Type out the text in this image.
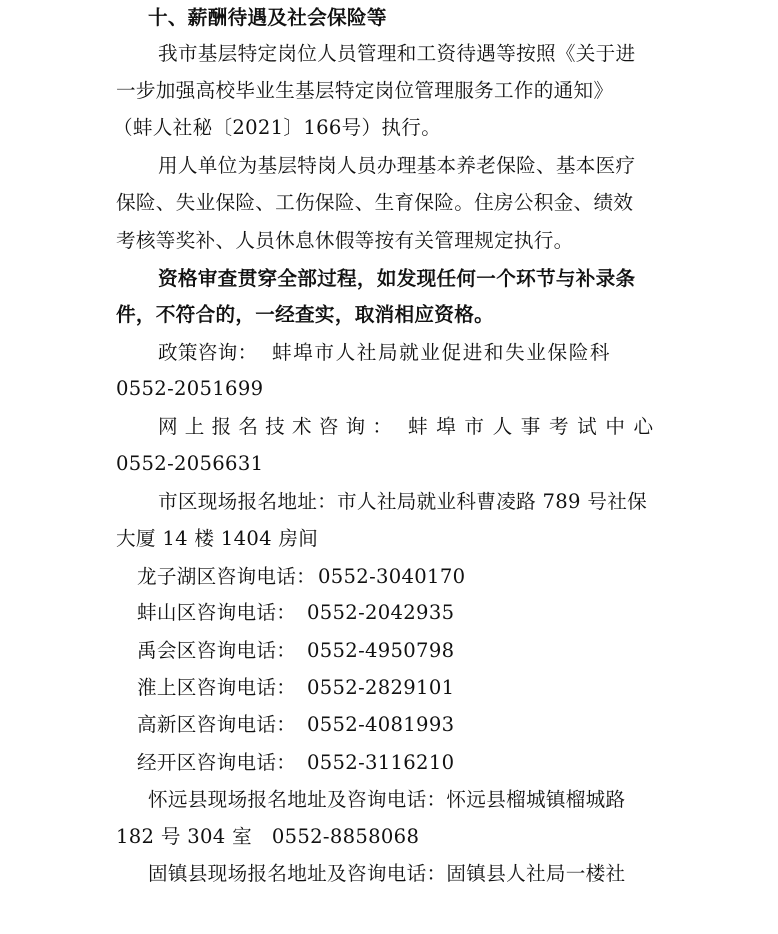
十、薪酬待遇及社会保险等

我市基层特定岗位人员管理和工资待遇等按照《关于进

一步加强高校毕业生基层特定岗位管理服务工作的通知》

（蚌人社秘〔2021〕166号）执行。

用人单位为基层特岗人员办理基本养老保险、基本医疗

保险、失业保险、工伤保险、生育保险。住房公积金、绩效

考核等奖补、人员休息休假等按有关管理规定执行。

资格审查贯穿全部过程，如发现任何一个环节与补录条

件，不符合的，一经查实，取消相应资格。

政策咨询：

蚌埠市人社局就业促进和失业保险科

0552-2051699

网上报名技术咨询：

蚌埠市人事考试中心

0552-2056631

市区现场报名地址：市人社局就业科曹凌路 789 号社保

大厦 14 楼 1404 房间

龙子湖区咨询电话：

0552-3040170

蚌山区咨询电话：

0552-2042935

禹会区咨询电话：

0552-4950798

淮上区咨询电话：

0552-2829101

高新区咨询电话：

0552-4081993

经开区咨询电话：

0552-3116210

怀远县现场报名地址及咨询电话：怀远县榴城镇榴城路

182 号 304 室　0552-8858068

固镇县现场报名地址及咨询电话：固镇县人社局一楼社
